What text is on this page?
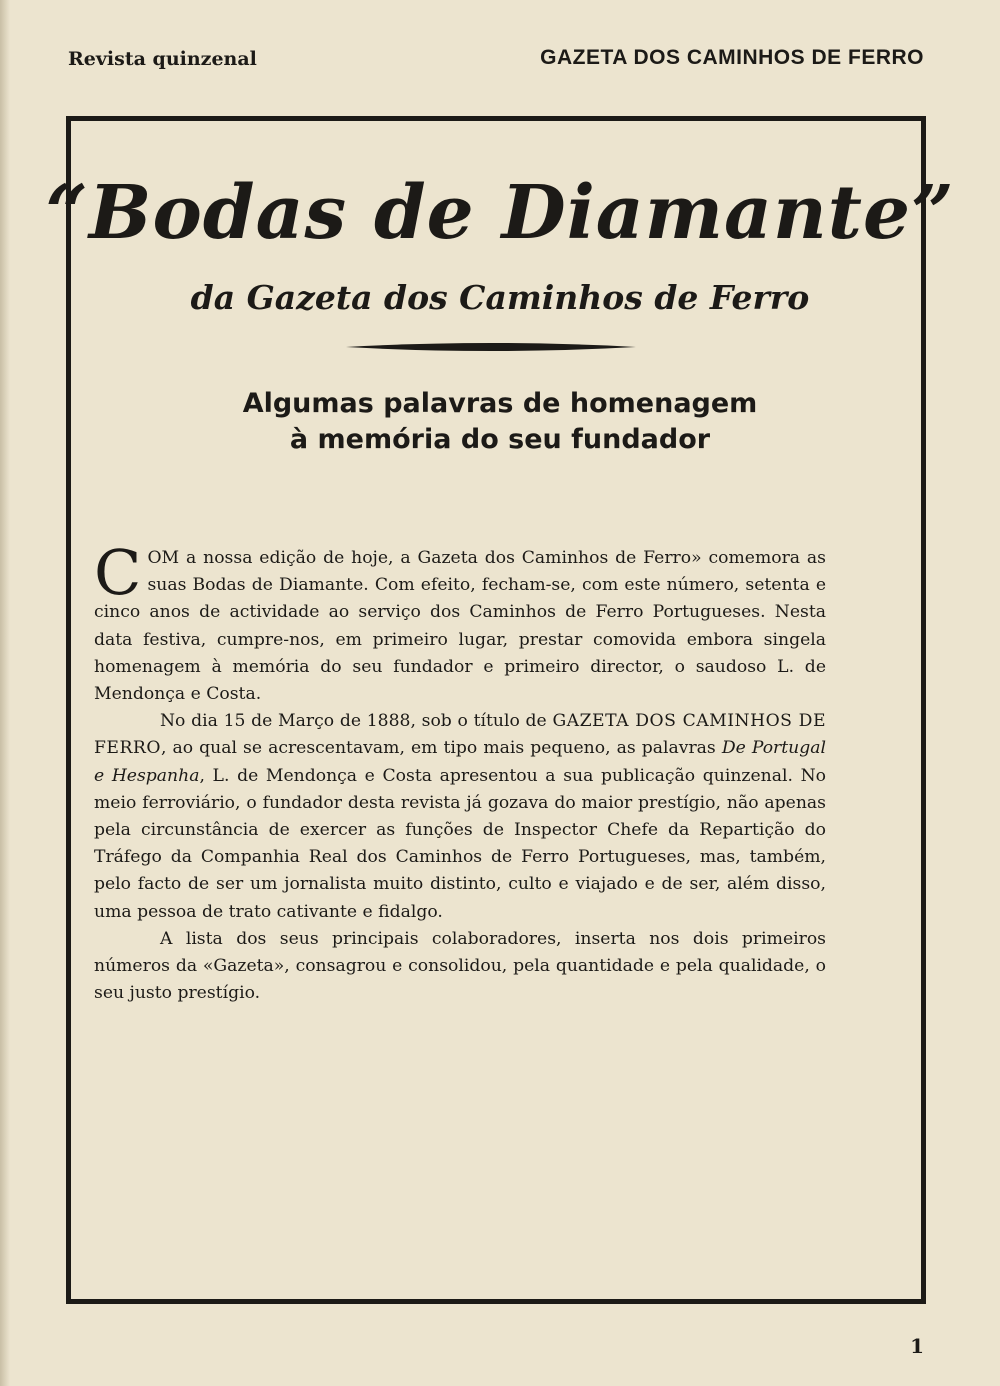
Revista quinzenal	GAZETA DOS CAMINHOS DE FERRO
“Bodas de Diamante”
da Gazeta dos Caminhos de Ferro
Algumas palavras de homenagem
à memória do seu fundador

COM a nossa edição de hoje, a Gazeta dos Caminhos de Ferro» comemora as suas Bodas de Diamante. Com efeito, fecham-se, com este número, setenta e cinco anos de actividade ao serviço dos Caminhos de Ferro Portugueses. Nesta data festiva, cumpre-nos, em primeiro lugar, prestar comovida embora singela homenagem à memória do seu fundador e primeiro director, o saudoso L. de Mendonça e Costa.

No dia 15 de Março de 1888, sob o título de GAZETA DOS CAMINHOS DE FERRO, ao qual se acrescentavam, em tipo mais pequeno, as palavras De Portugal e Hespanha, L. de Mendonça e Costa apresentou a sua publicação quinzenal. No meio ferroviário, o fundador desta revista já gozava do maior prestígio, não apenas pela circunstância de exercer as funções de Inspector Chefe da Repartição do Tráfego da Companhia Real dos Caminhos de Ferro Portugueses, mas, também, pelo facto de ser um jornalista muito distinto, culto e viajado e de ser, além disso, uma pessoa de trato cativante e fidalgo.

A lista dos seus principais colaboradores, inserta nos dois primeiros números da «Gazeta», consagrou e consolidou, pela quantidade e pela qualidade, o seu justo prestígio.

1
